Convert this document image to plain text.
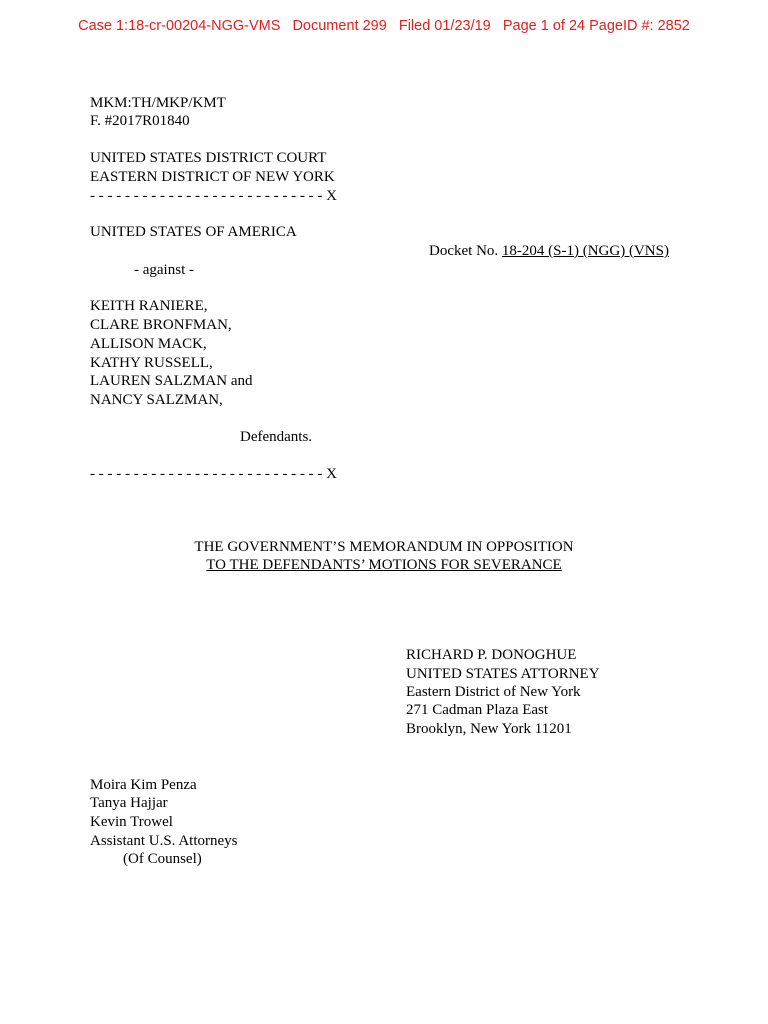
Case 1:18-cr-00204-NGG-VMS   Document 299   Filed 01/23/19   Page 1 of 24 PageID #: 2852
MKM:TH/MKP/KMT
F. #2017R01840
UNITED STATES DISTRICT COURT
EASTERN DISTRICT OF NEW YORK
- - - - - - - - - - - - - - - - - - - - - - - - - - - X
UNITED STATES OF AMERICA
Docket No. 18-204 (S-1) (NGG) (VNS)
- against -
KEITH RANIERE,
CLARE BRONFMAN,
ALLISON MACK,
KATHY RUSSELL,
LAUREN SALZMAN and
NANCY SALZMAN,
Defendants.
- - - - - - - - - - - - - - - - - - - - - - - - - - - X
THE GOVERNMENT’S MEMORANDUM IN OPPOSITION
TO THE DEFENDANTS’ MOTIONS FOR SEVERANCE
RICHARD P. DONOGHUE
UNITED STATES ATTORNEY
Eastern District of New York
271 Cadman Plaza East
Brooklyn, New York 11201
Moira Kim Penza
Tanya Hajjar
Kevin Trowel
Assistant U.S. Attorneys
(Of Counsel)
